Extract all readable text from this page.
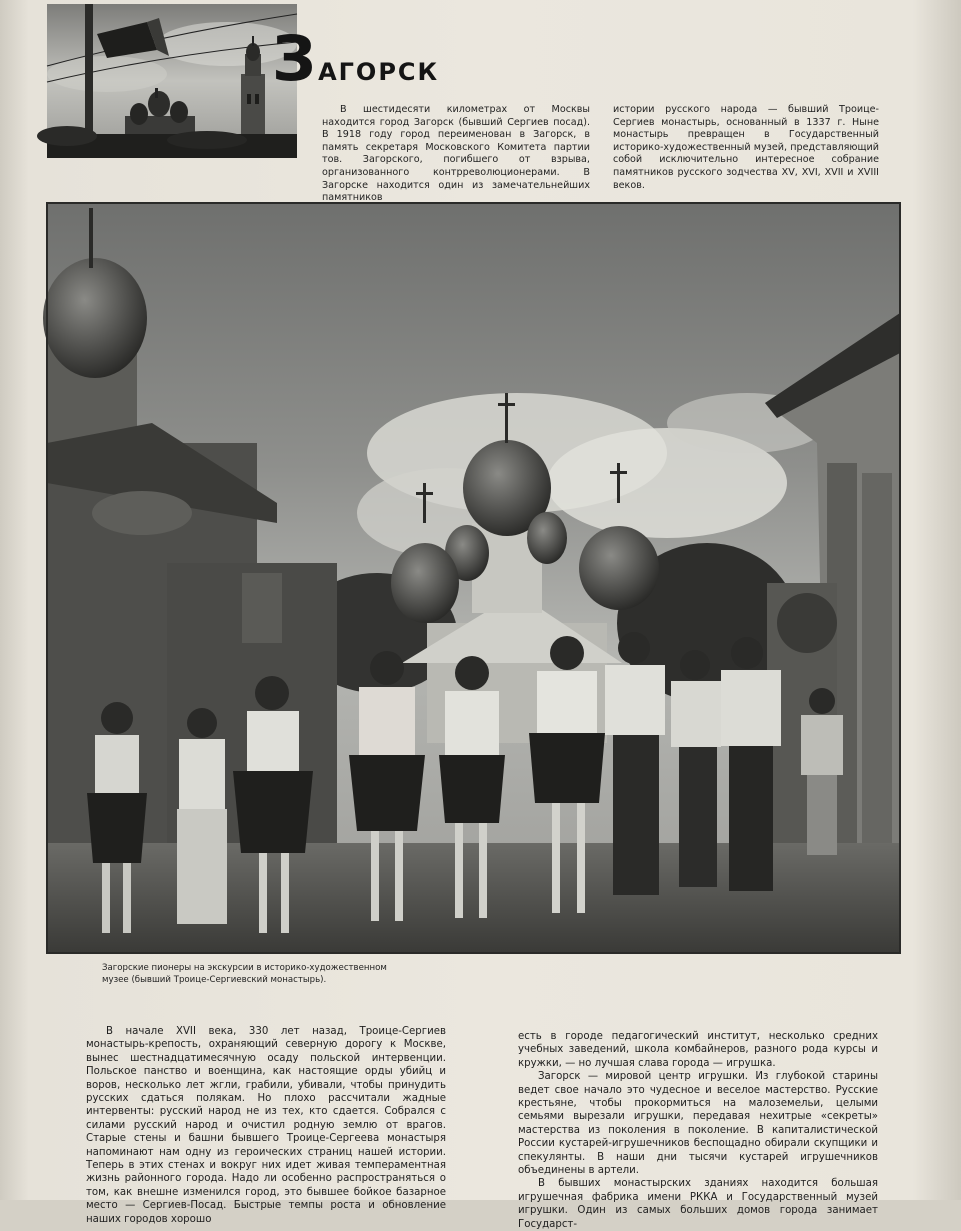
ЗАГОРСК
В шестидесяти километрах от Москвы находится город Загорск (бывший Сергиев посад). В 1918 году город переименован в Загорск, в память секретаря Московского Комитета партии тов. Загорского, погибшего от взрыва, организованного контрреволюционерами. В Загорске находится один из замечательнейших памятников
истории русского народа — бывший Троице-Сергиев монастырь, основанный в 1337 г. Ныне монастырь превращен в Государственный историко-художественный музей, представляющий собой исключительно интересное собрание памятников русского зодчества XV, XVI, XVII и XVIII веков.
Загорские пионеры на экскурсии в историко-художественном музее (бывший Троице-Сергиевский монастырь).

В начале XVII века, 330 лет назад, Троице-Сергиев монастырь-крепость, охраняющий северную дорогу к Москве, вынес шестнадцатимесячную осаду польской интервенции. Польское панство и военщина, как настоящие орды убийц и воров, несколько лет жгли, грабили, убивали, чтобы принудить русских сдаться полякам. Но плохо рассчитали жадные интервенты: русский народ не из тех, кто сдается. Собрался с силами русский народ и очистил родную землю от врагов. Старые стены и башни бывшего Троице-Сергеева монастыря напоминают нам одну из героических страниц нашей истории. Теперь в этих стенах и вокруг них идет живая темпераментная жизнь районного города. Надо ли особенно распространяться о том, как внешне изменился город, это бывшее бойкое базарное место — Сергиев-Посад. Быстрые темпы роста и обновление наших городов хорошо

есть в городе педагогический институт, несколько средних учебных заведений, школа комбайнеров, разного рода курсы и кружки, — но лучшая слава города — игрушка.

Загорск — мировой центр игрушки. Из глубокой старины ведет свое начало это чудесное и веселое мастерство. Русские крестьяне, чтобы прокормиться на малоземельи, целыми семьями вырезали игрушки, передавая нехитрые «секреты» мастерства из поколения в поколение. В капиталистической России кустарей-игрушечников беспощадно обирали скупщики и спекулянты. В наши дни тысячи кустарей игрушечников объединены в артели.

В бывших монастырских зданиях находится большая игрушечная фабрика имени РККА и Государственный музей игрушки. Один из самых больших домов города занимает Государст-
